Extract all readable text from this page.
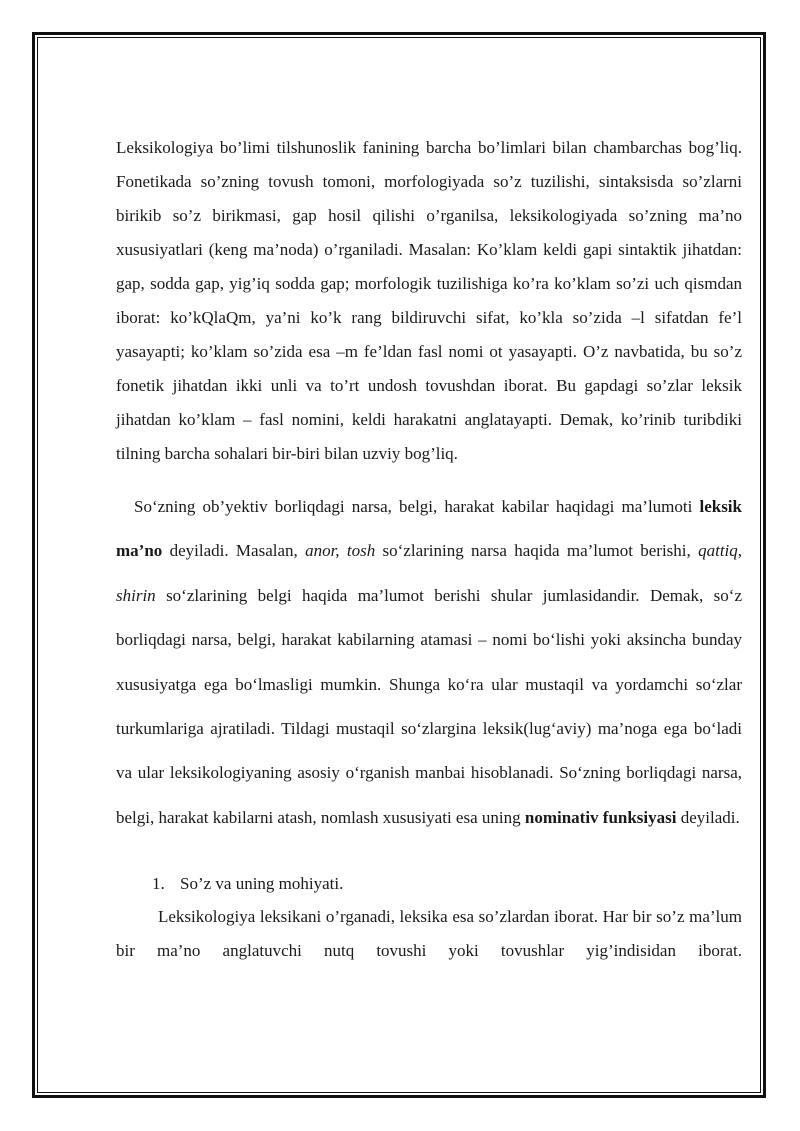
Leksikologiya bo’limi tilshunoslik fanining barcha bo’limlari bilan chambarchas bog’liq. Fonetikada so’zning tovush tomoni, morfologiyada so’z tuzilishi, sintaksisda so’zlarni birikib so’z birikmasi, gap hosil qilishi o’rganilsa, leksikologiyada so’zning ma’no xususiyatlari (keng ma’noda) o’rganiladi. Masalan: Ko’klam keldi gapi sintaktik jihatdan: gap, sodda gap, yig’iq sodda gap; morfologik tuzilishiga ko’ra ko’klam so’zi uch qismdan iborat: ko’kQlaQm, ya’ni ko’k rang bildiruvchi sifat, ko’kla so’zida –l sifatdan fe’l yasayapti; ko’klam so’zida esa –m fe’ldan fasl nomi ot yasayapti. O’z navbatida, bu so’z fonetik jihatdan ikki unli va to’rt undosh tovushdan iborat. Bu gapdagi so’zlar leksik jihatdan ko’klam – fasl nomini, keldi harakatni anglatayapti. Demak, ko’rinib turibdiki tilning barcha sohalari bir-biri bilan uzviy bog’liq.

So‘zning ob’yektiv borliqdagi narsa, belgi, harakat kabilar haqidagi ma’lumoti leksik ma’no deyiladi. Masalan, anor, tosh so‘zlarining narsa haqida ma’lumot berishi, qattiq, shirin so‘zlarining belgi haqida ma’lumot berishi shular jumlasidandir. Demak, so‘z borliqdagi narsa, belgi, harakat kabilarning atamasi – nomi bo‘lishi yoki aksincha bunday xususiyatga ega bo‘lmasligi mumkin. Shunga ko‘ra ular mustaqil va yordamchi so‘zlar turkumlariga ajratiladi. Tildagi mustaqil so‘zlargina leksik(lug‘aviy) ma’noga ega bo‘ladi va ular leksikologiyaning asosiy o‘rganish manbai hisoblanadi. So‘zning borliqdagi narsa, belgi, harakat kabilarni atash, nomlash xususiyati esa uning nominativ funksiyasi deyiladi.

1. So’z va uning mohiyati.

Leksikologiya leksikani o’rganadi, leksika esa so’zlardan iborat. Har bir so’z ma’lum bir ma’no anglatuvchi nutq tovushi yoki tovushlar yig’indisidan iborat.
